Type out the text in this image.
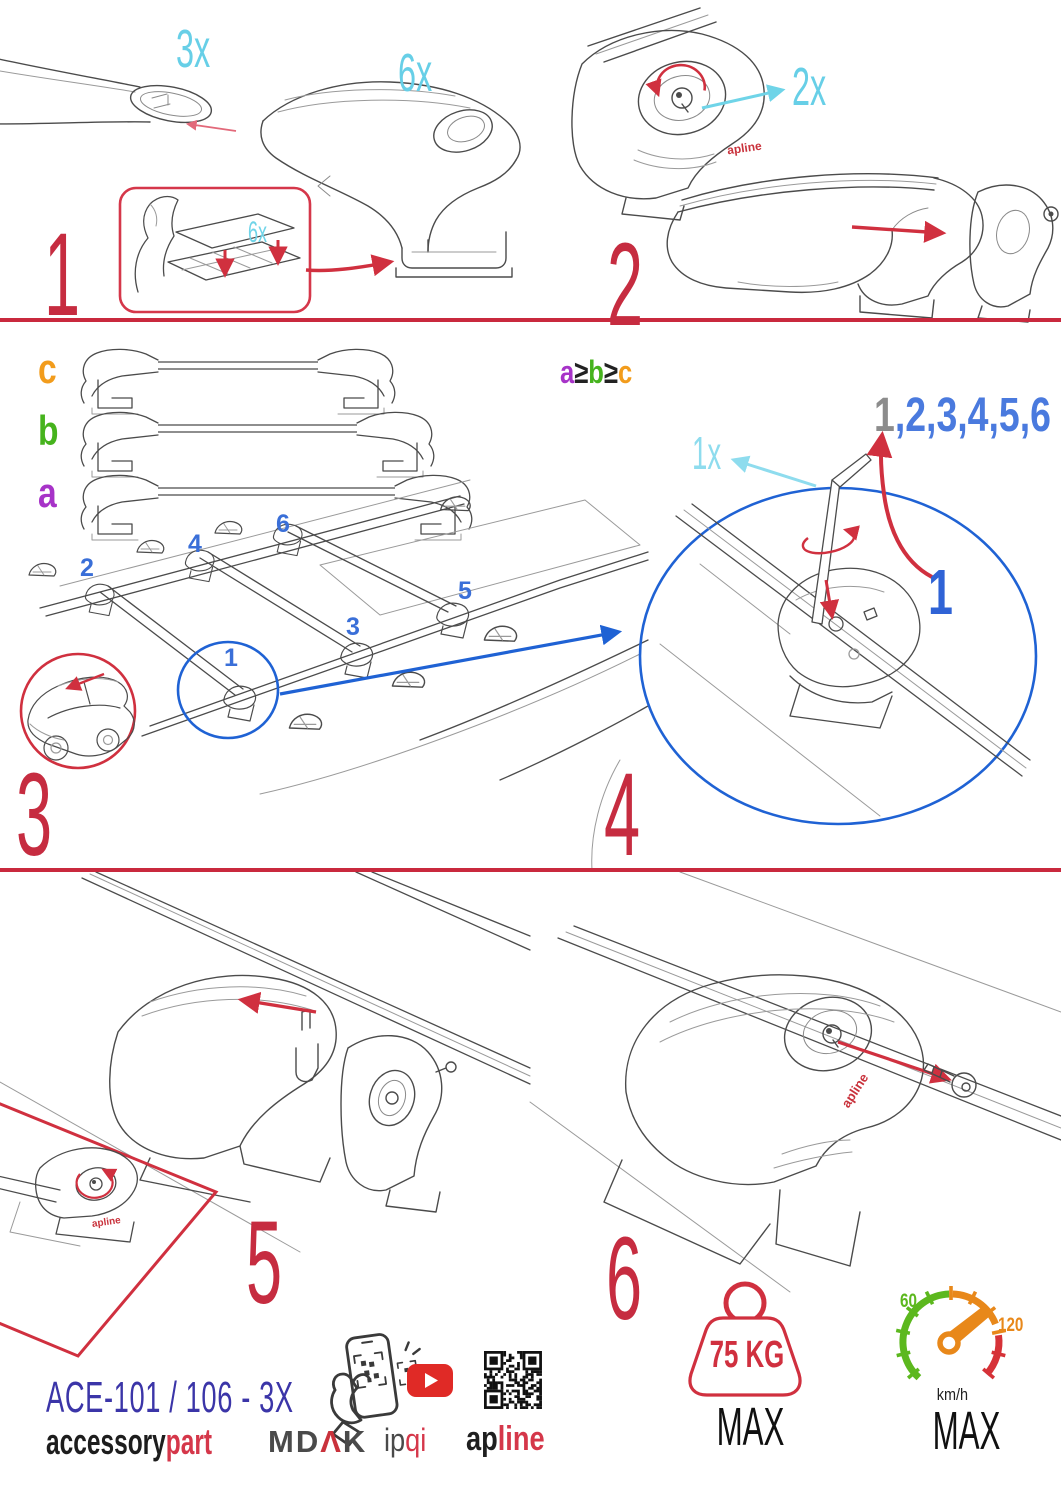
3x	6x
6x
1
2x
2
apline
c
b
a
a≥b≥c
1
2
3
4
5
6
3
1x
1,2,3,4,5,6
1
4
5
apline	6
apline
ACE-101 / 106 - 3X
accessorypart	MDΛK ipqi apline
75 KG
MAX
60
120
km/h
MAX
